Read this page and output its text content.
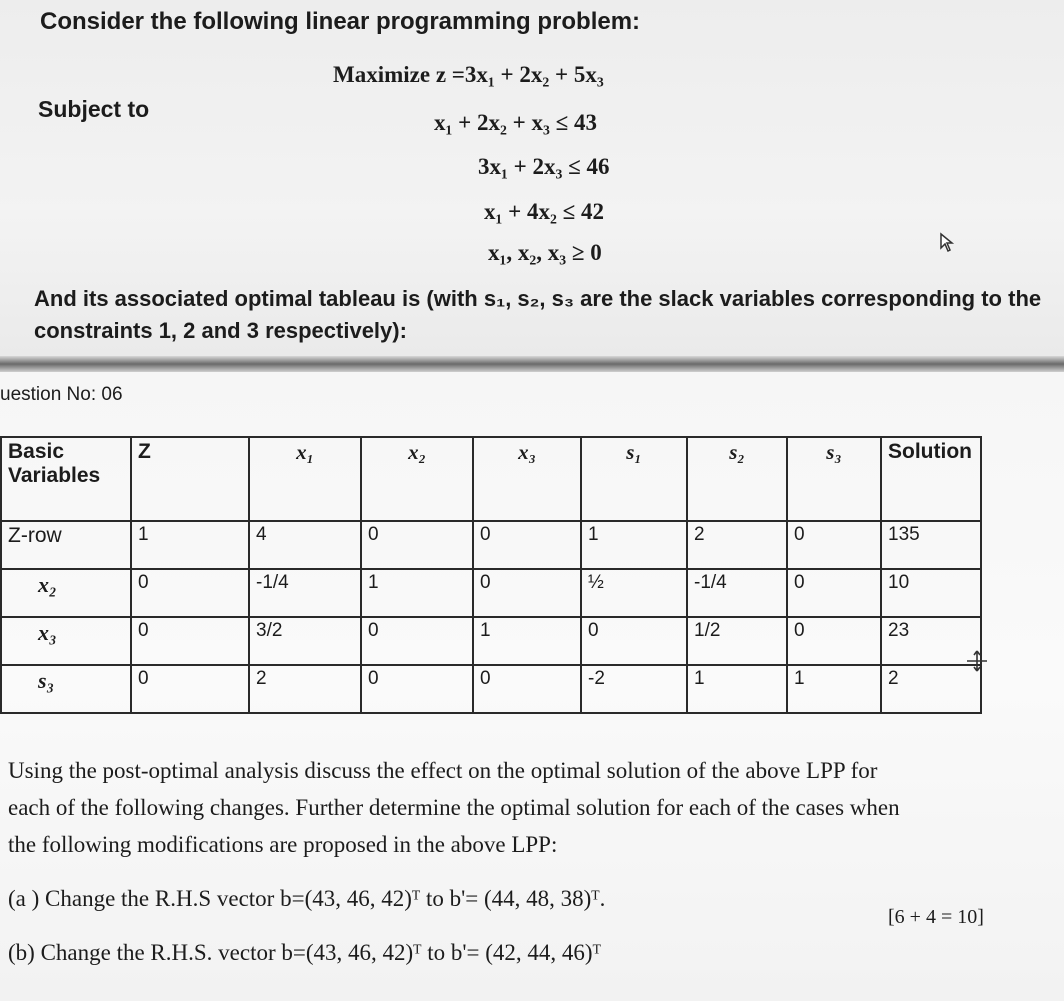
Consider the following linear programming problem:
Maximize z =3x₁ + 2x₂ + 5x₃
Subject to
x₁ + 2x₂ + x₃ ≤ 43
3x₁ + 2x₃ ≤ 46
x₁ + 4x₂ ≤ 42
x₁, x₂, x₃ ≥ 0
And its associated optimal tableau is (with s₁, s₂, s₃ are the slack variables corresponding to the
constraints 1, 2 and 3 respectively):
uestion No: 06
Basic Variables	Z	x₁	x₂	x₃	s₁	s₂	s₃	Solution
Z-row	1	4	0	0	1	2	0	135
x₂	0	-1/4	1	0	½	-1/4	0	10
x₃	0	3/2	0	1	0	1/2	0	23
s₃	0	2	0	0	-2	1	1	2
Using the post-optimal analysis discuss the effect on the optimal solution of the above LPP for
each of the following changes. Further determine the optimal solution for each of the cases when
the following modifications are proposed in the above LPP:
(a ) Change the R.H.S vector b=(43, 46, 42)ᵀ to b'= (44, 48, 38)ᵀ.
(b) Change the R.H.S. vector b=(43, 46, 42)ᵀ to b'= (42, 44, 46)ᵀ
[6 + 4 = 10]
